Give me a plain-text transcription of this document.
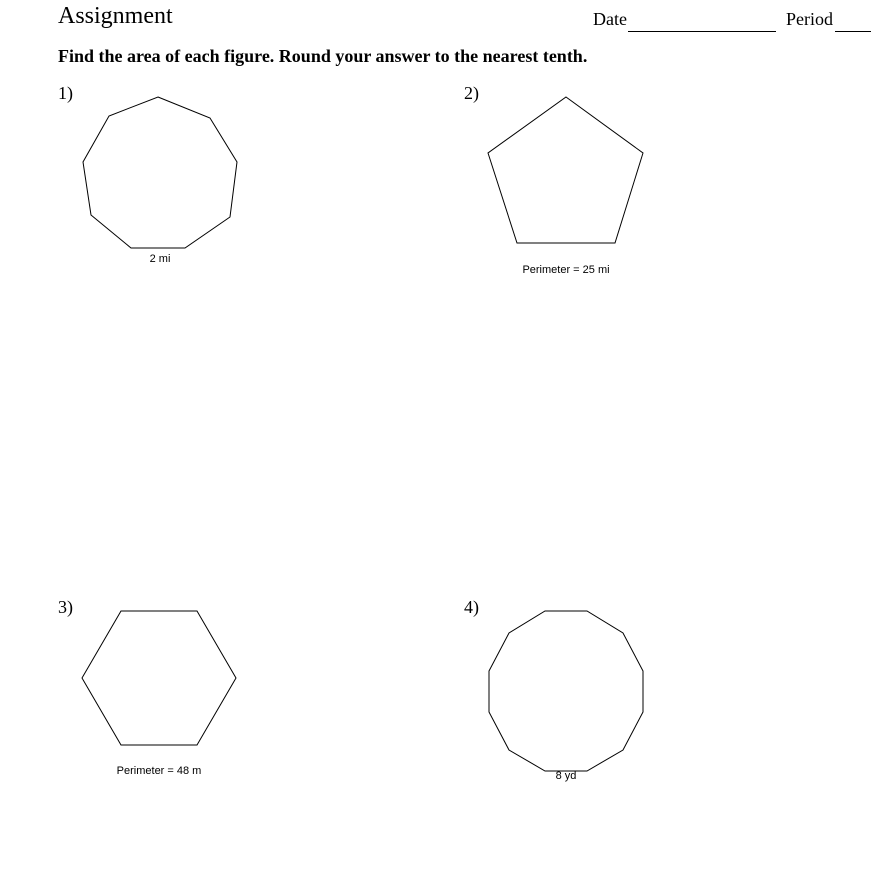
Assignment	Date	Period
Find the area of each figure. Round your answer to the nearest tenth.
1)	2)
3)	4)
2 mi
Perimeter = 25 mi
Perimeter = 48 m	8 yd
